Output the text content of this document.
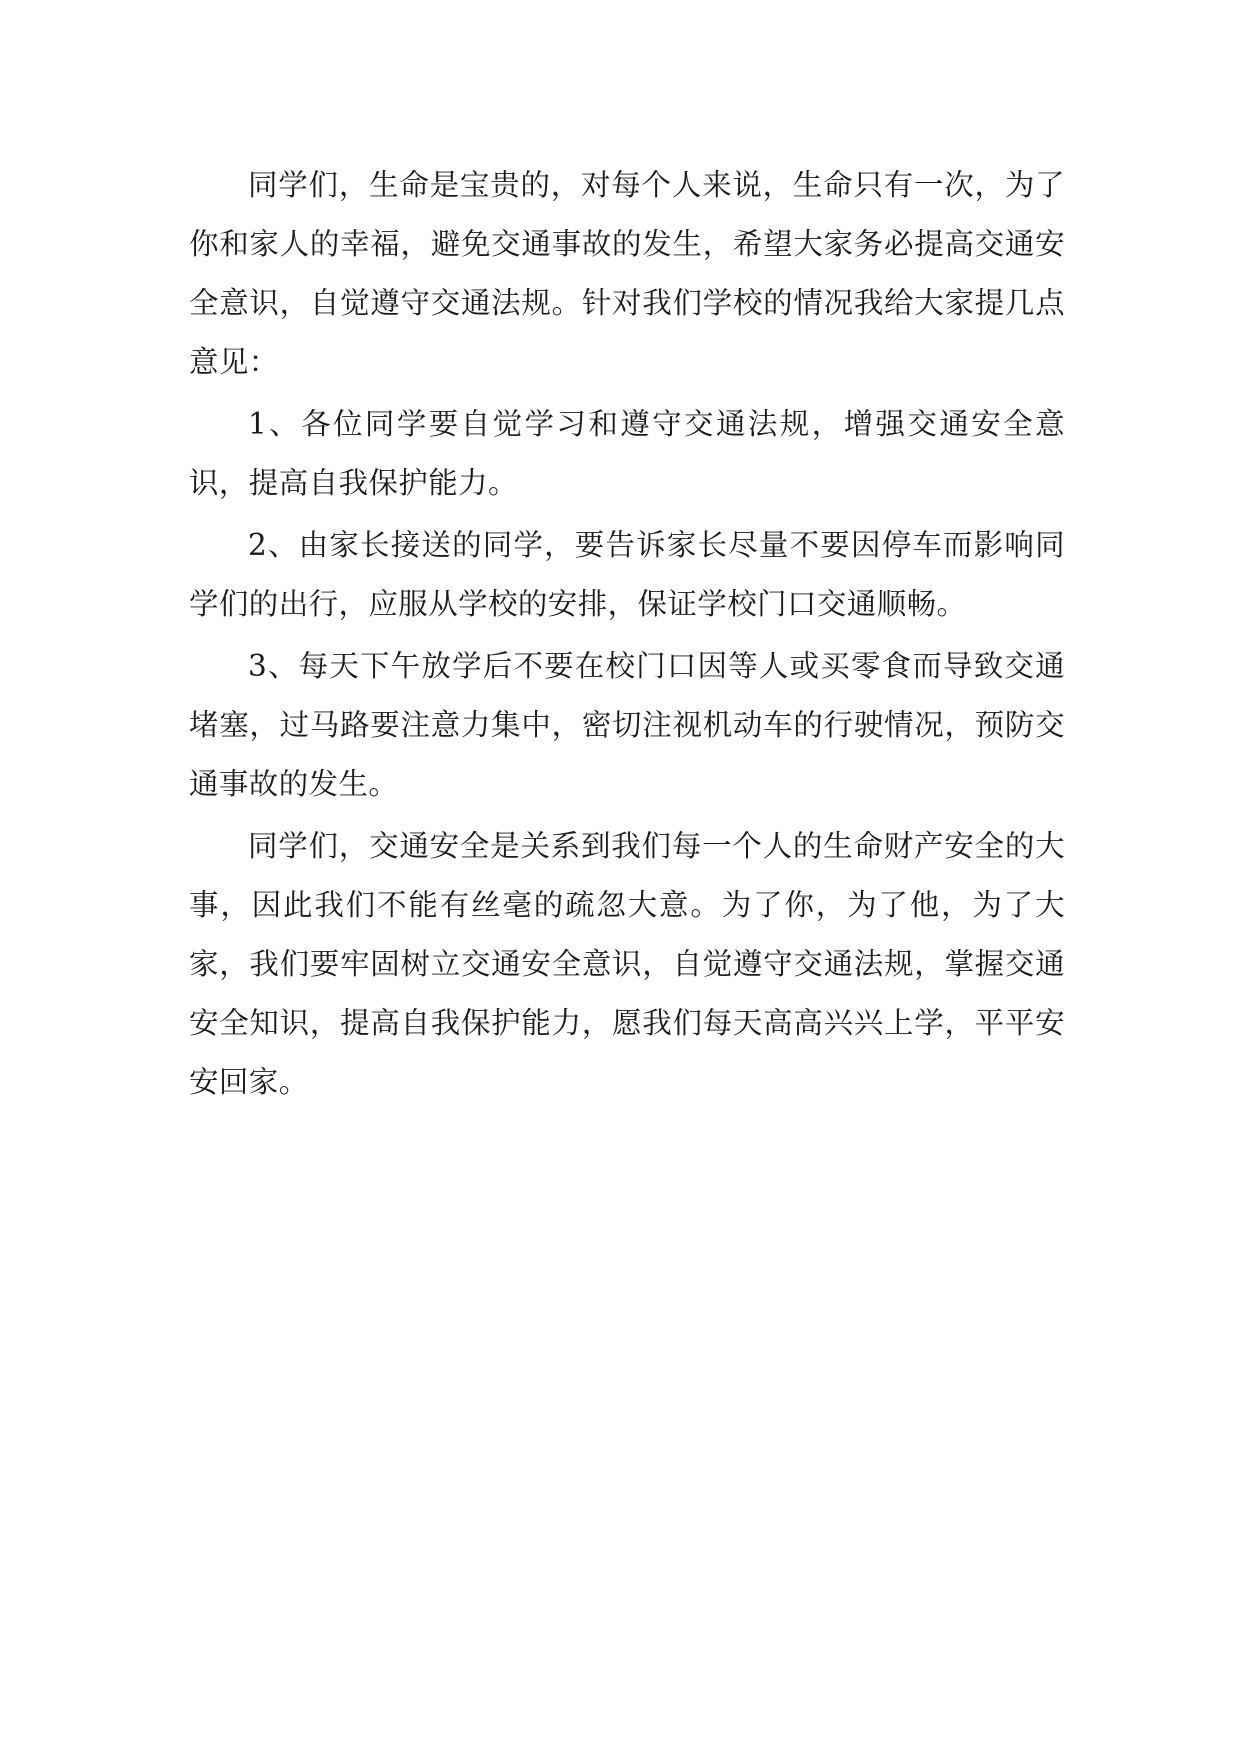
同学们，生命是宝贵的，对每个人来说，生命只有一次，为了你和家人的幸福，避免交通事故的发生，希望大家务必提高交通安全意识，自觉遵守交通法规。针对我们学校的情况我给大家提几点意见：

1、各位同学要自觉学习和遵守交通法规，增强交通安全意识，提高自我保护能力。

2、由家长接送的同学，要告诉家长尽量不要因停车而影响同学们的出行，应服从学校的安排，保证学校门口交通顺畅。

3、每天下午放学后不要在校门口因等人或买零食而导致交通堵塞，过马路要注意力集中，密切注视机动车的行驶情况，预防交通事故的发生。

同学们，交通安全是关系到我们每一个人的生命财产安全的大事，因此我们不能有丝毫的疏忽大意。为了你，为了他，为了大家，我们要牢固树立交通安全意识，自觉遵守交通法规，掌握交通安全知识，提高自我保护能力，愿我们每天高高兴兴上学，平平安安回家。
